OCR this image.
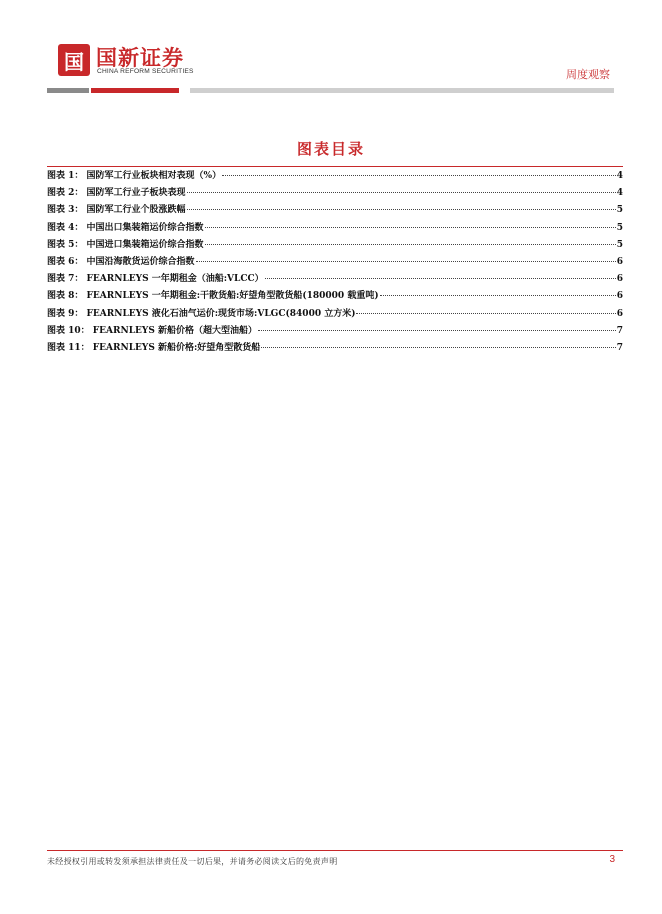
国 国新证券
CHINA REFORM SECURITIES	周度观察
图表目录
图表 1： 国防军工行业板块相对表现（%）	4
图表 2： 国防军工行业子板块表现	4
图表 3： 国防军工行业个股涨跌幅	5
图表 4： 中国出口集装箱运价综合指数	5
图表 5： 中国进口集装箱运价综合指数	5
图表 6： 中国沿海散货运价综合指数	6
图表 7： FEARNLEYS 一年期租金（油船:VLCC）	6
图表 8： FEARNLEYS 一年期租金:干散货船:好望角型散货船(180000 载重吨)	6
图表 9： FEARNLEYS 液化石油气运价:现货市场:VLGC(84000 立方米)	6
图表 10： FEARNLEYS 新船价格（超大型油船）	7
图表 11： FEARNLEYS 新船价格:好望角型散货船	7
未经授权引用或转发须承担法律责任及一切后果，并请务必阅读文后的免责声明	3
